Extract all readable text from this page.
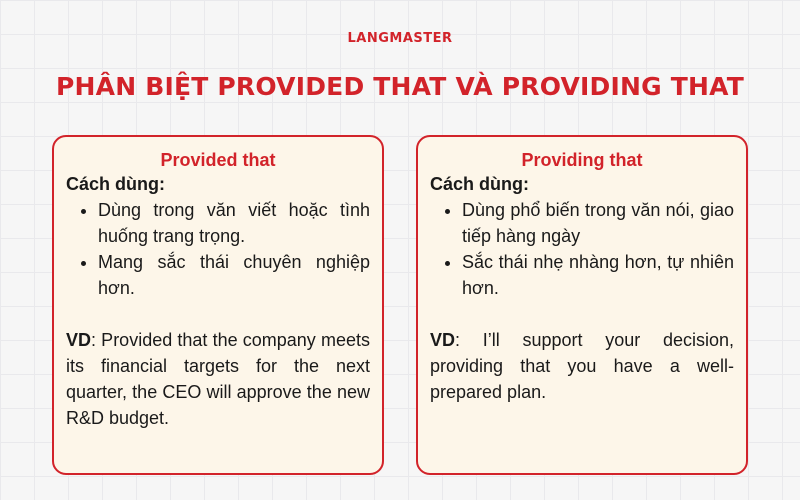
LANGMASTER
PHÂN BIỆT PROVIDED THAT VÀ PROVIDING THAT
Provided that
Cách dùng:
• Dùng trong văn viết hoặc tình huống trang trọng.
• Mang sắc thái chuyên nghiệp hơn.
VD: Provided that the company meets its financial targets for the next quarter, the CEO will approve the new R&D budget.
Providing that
Cách dùng:
• Dùng phổ biến trong văn nói, giao tiếp hàng ngày
• Sắc thái nhẹ nhàng hơn, tự nhiên hơn.
VD: I’ll support your decision, providing that you have a well-prepared plan.
